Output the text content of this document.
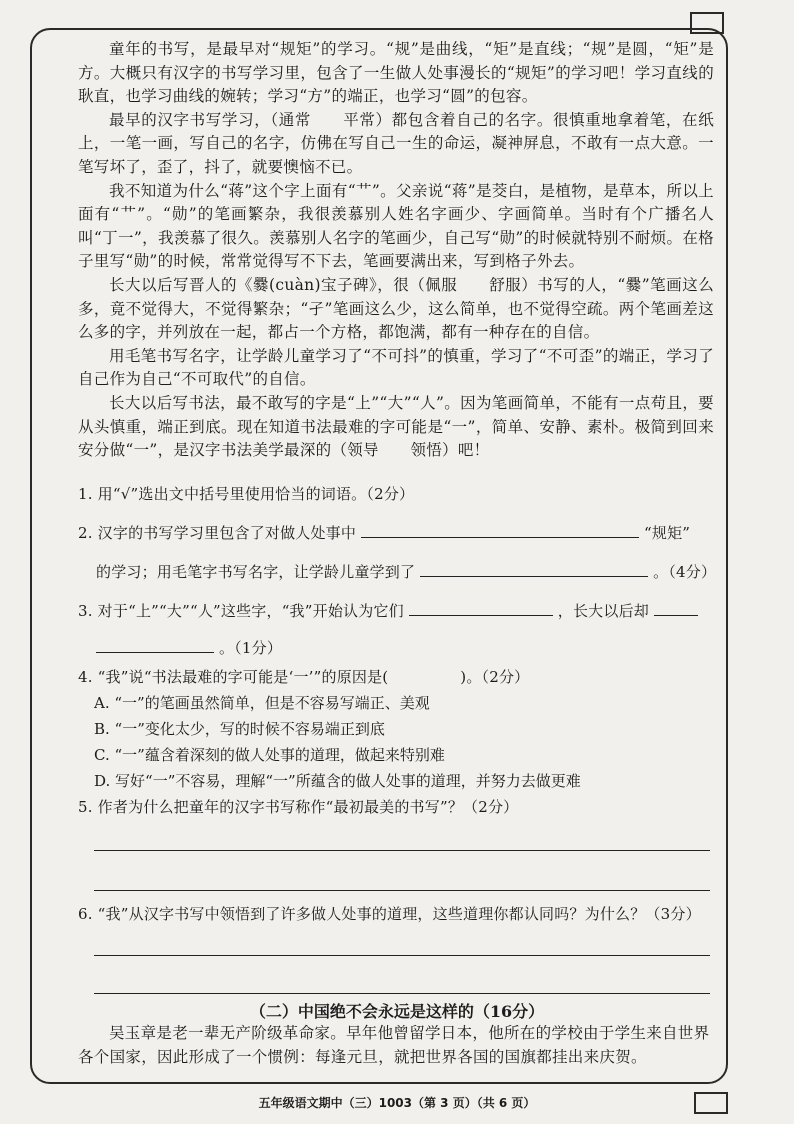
童年的书写，是最早对“规矩”的学习。“规”是曲线，“矩”是直线；“规”是圆，“矩”是方。大概只有汉字的书写学习里，包含了一生做人处事漫长的“规矩”的学习吧！学习直线的耿直，也学习曲线的婉转；学习“方”的端正，也学习“圆”的包容。

最早的汉字书写学习，（通常　　平常）都包含着自己的名字。很慎重地拿着笔，在纸上，一笔一画，写自己的名字，仿佛在写自己一生的命运，凝神屏息，不敢有一点大意。一笔写坏了，歪了，抖了，就要懊恼不已。

我不知道为什么“蒋”这个字上面有“艹”。父亲说“蒋”是茭白，是植物，是草本，所以上面有“艹”。“勋”的笔画繁杂，我很羡慕别人姓名字画少、字画简单。当时有个广播名人叫“丁一”，我羡慕了很久。羡慕别人名字的笔画少，自己写“勋”的时候就特别不耐烦。在格子里写“勋”的时候，常常觉得写不下去，笔画要满出来，写到格子外去。

长大以后写晋人的《爨(cuàn)宝子碑》，很（佩服　　舒服）书写的人，“爨”笔画这么多，竟不觉得大，不觉得繁杂；“孑”笔画这么少，这么简单，也不觉得空疏。两个笔画差这么多的字，并列放在一起，都占一个方格，都饱满，都有一种存在的自信。

用毛笔书写名字，让学龄儿童学习了“不可抖”的慎重，学习了“不可歪”的端正，学习了自己作为自己“不可取代”的自信。

长大以后写书法，最不敢写的字是“上”“大”“人”。因为笔画简单，不能有一点苟且，要从头慎重，端正到底。现在知道书法最难的字可能是“一”，简单、安静、素朴。极简到回来安分做“一”，是汉字书法美学最深的（领导　　领悟）吧！

1. 用“√”选出文中括号里使用恰当的词语。（2分）
2. 汉字的书写学习里包含了对做人处事中	“规矩”
的学习；用毛笔字书写名字，让学龄儿童学到了	。（4分）
3. 对于“上”“大”“人”这些字，“我”开始认为它们	，长大以后却
。（1分）
4. “我”说“书法最难的字可能是‘一’”的原因是(	)。（2分）
A. “一”的笔画虽然简单，但是不容易写端正、美观
B. “一”变化太少，写的时候不容易端正到底
C. “一”蕴含着深刻的做人处事的道理，做起来特别难
D. 写好“一”不容易，理解“一”所蕴含的做人处事的道理，并努力去做更难
5. 作者为什么把童年的汉字书写称作“最初最美的书写”？（2分）
6. “我”从汉字书写中领悟到了许多做人处事的道理，这些道理你都认同吗？为什么？（3分）
（二）中国绝不会永远是这样的（16分）

吴玉章是老一辈无产阶级革命家。早年他曾留学日本，他所在的学校由于学生来自世界各个国家，因此形成了一个惯例：每逢元旦，就把世界各国的国旗都挂出来庆贺。

五年级语文期中（三）1003（第 3 页）（共 6 页）
